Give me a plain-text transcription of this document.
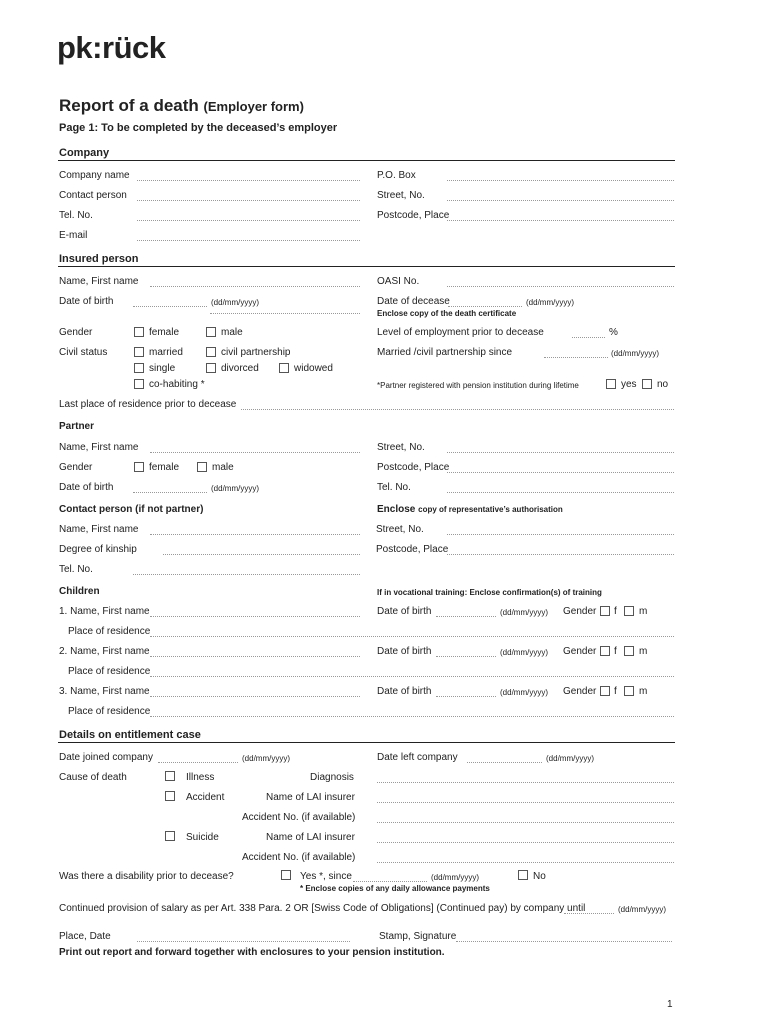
pk:rück
Report of a death (Employer form)
Page 1: To be completed by the deceased’s employer
Company
Company name	P.O. Box
Contact person	Street, No.
Tel. No.	Postcode, Place
E-mail
Insured person
Name, First name	OASI No.
Date of birth	(dd/mm/yyyy)	Date of decease	(dd/mm/yyyy)
Enclose copy of the death certificate
Gender	female	male	Level of employment prior to decease	%
Civil status	married	civil partnership	Married /civil partnership since	(dd/mm/yyyy)
single	divorced	widowed
co-habiting *	*Partner registered with pension institution during lifetime	yes no
Last place of residence prior to decease
Partner
Name, First name	Street, No.
Gender	female	male	Postcode, Place
Date of birth	(dd/mm/yyyy)	Tel. No.
Contact person (if not partner)	Enclose copy of representative’s authorisation
Name, First name	Street, No.
Degree of kinship	Postcode, Place
Tel. No.
Children	If in vocational training: Enclose confirmation(s) of training
1. Name, First name	Date of birth	(dd/mm/yyyy) Gender f m
Place of residence
2. Name, First name	Date of birth	(dd/mm/yyyy) Gender f m
Place of residence
3. Name, First name	Date of birth	(dd/mm/yyyy) Gender f m
Place of residence
Details on entitlement case
Date joined company	(dd/mm/yyyy)	Date left company	(dd/mm/yyyy)
Cause of death	Illness	Diagnosis
Accident	Name of LAI insurer
Accident No. (if available)
Suicide	Name of LAI insurer
Accident No. (if available)
Was there a disability prior to decease?	Yes *, since	(dd/mm/yyyy)	No
* Enclose copies of any daily allowance payments
Continued provision of salary as per Art. 338 Para. 2 OR [Swiss Code of Obligations] (Continued pay) by company until	(dd/mm/yyyy)
Place, Date	Stamp, Signature
Print out report and forward together with enclosures to your pension institution.
1
